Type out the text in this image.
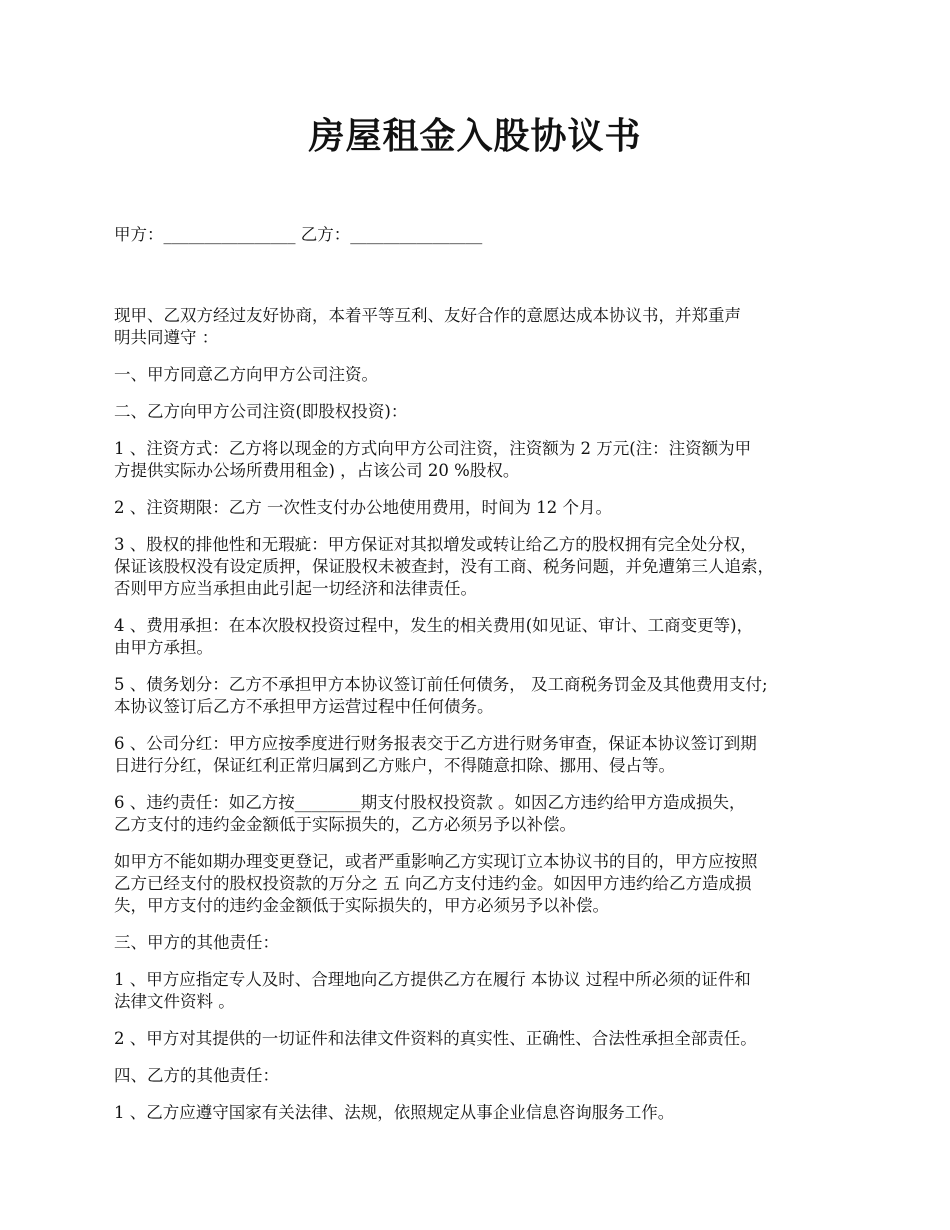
房屋租金入股协议书

甲方：________________ 乙方：________________

现甲、乙双方经过友好协商，本着平等互利、友好合作的意愿达成本协议书，并郑重声
明共同遵守 ：
一、甲方同意乙方向甲方公司注资。
二、乙方向甲方公司注资(即股权投资)：
1 、注资方式：乙方将以现金的方式向甲方公司注资，注资额为 2 万元(注：注资额为甲
方提供实际办公场所费用租金) ，占该公司 20 %股权。
2 、注资期限：乙方 一次性支付办公地使用费用，时间为 12 个月。
3 、股权的排他性和无瑕疵：甲方保证对其拟增发或转让给乙方的股权拥有完全处分权，
保证该股权没有设定质押，保证股权未被查封，没有工商、税务问题，并免遭第三人追索，
否则甲方应当承担由此引起一切经济和法律责任。
4 、费用承担：在本次股权投资过程中，发生的相关费用(如见证、审计、工商变更等)，
由甲方承担。
5 、债务划分：乙方不承担甲方本协议签订前任何债务， 及工商税务罚金及其他费用支付;
本协议签订后乙方不承担甲方运营过程中任何债务。
6 、公司分红：甲方应按季度进行财务报表交于乙方进行财务审查，保证本协议签订到期
日进行分红，保证红利正常归属到乙方账户，不得随意扣除、挪用、侵占等。
6 、违约责任：如乙方按________期支付股权投资款 。如因乙方违约给甲方造成损失，
乙方支付的违约金金额低于实际损失的，乙方必须另予以补偿。
如甲方不能如期办理变更登记，或者严重影响乙方实现订立本协议书的目的，甲方应按照
乙方已经支付的股权投资款的万分之 五 向乙方支付违约金。如因甲方违约给乙方造成损
失，甲方支付的违约金金额低于实际损失的，甲方必须另予以补偿。
三、甲方的其他责任：
1 、甲方应指定专人及时、合理地向乙方提供乙方在履行 本协议 过程中所必须的证件和
法律文件资料 。
2 、甲方对其提供的一切证件和法律文件资料的真实性、正确性、合法性承担全部责任。
四、乙方的其他责任：
1 、乙方应遵守国家有关法律、法规，依照规定从事企业信息咨询服务工作。
